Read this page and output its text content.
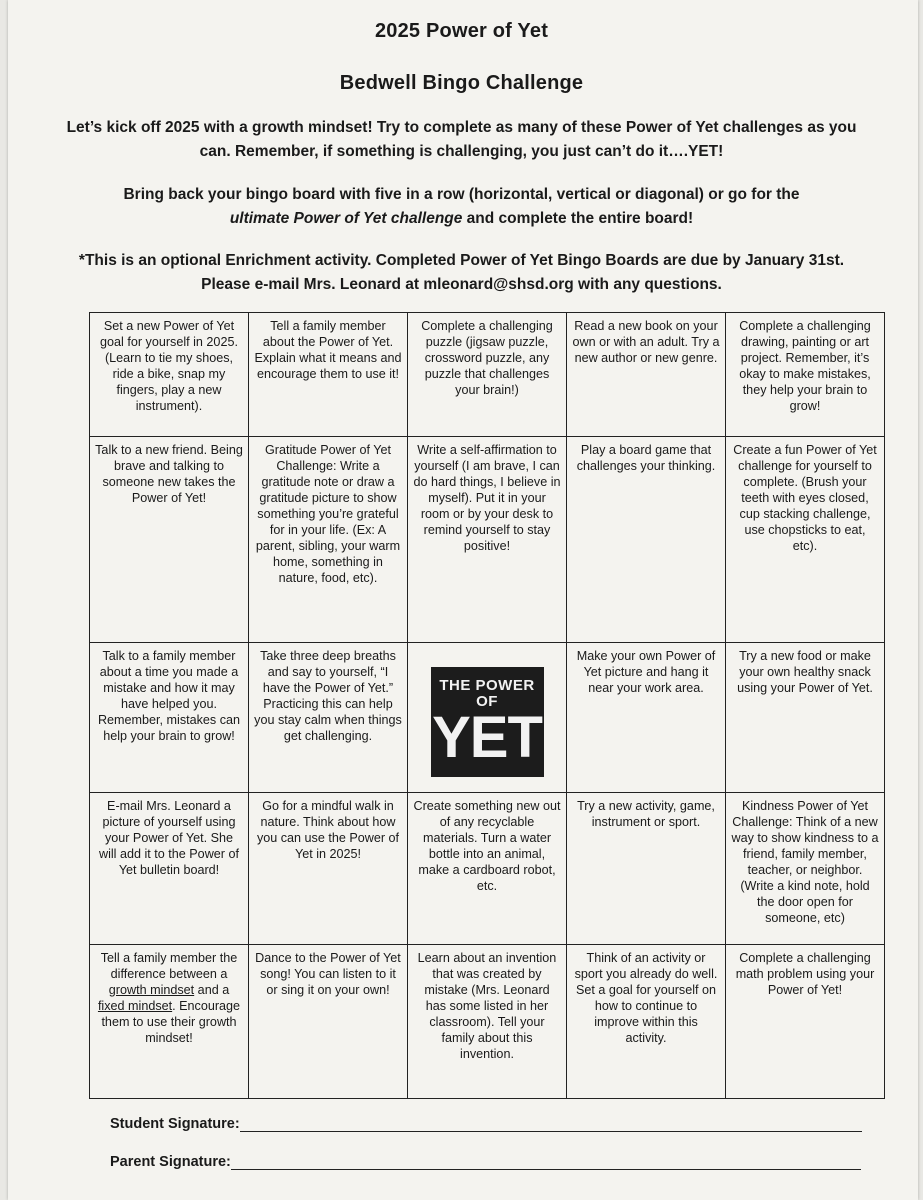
2025 Power of Yet
Bedwell Bingo Challenge
Let’s kick off 2025 with a growth mindset! Try to complete as many of these Power of Yet challenges as you
can. Remember, if something is challenging, you just can’t do it….YET!
Bring back your bingo board with five in a row (horizontal, vertical or diagonal) or go for the
ultimate Power of Yet challenge and complete the entire board!
*This is an optional Enrichment activity. Completed Power of Yet Bingo Boards are due by January 31st.
Please e-mail Mrs. Leonard at mleonard@shsd.org with any questions.
Set a new Power of Yet goal for yourself in 2025. (Learn to tie my shoes, ride a bike, snap my fingers, play a new instrument).	Tell a family member about the Power of Yet. Explain what it means and encourage them to use it!	Complete a challenging puzzle (jigsaw puzzle, crossword puzzle, any puzzle that challenges your brain!)	Read a new book on your own or with an adult. Try a new author or new genre.	Complete a challenging drawing, painting or art project. Remember, it’s okay to make mistakes, they help your brain to grow!
Talk to a new friend. Being brave and talking to someone new takes the Power of Yet!	Gratitude Power of Yet Challenge: Write a gratitude note or draw a gratitude picture to show something you’re grateful for in your life. (Ex: A parent, sibling, your warm home, something in nature, food, etc).	Write a self-affirmation to yourself (I am brave, I can do hard things, I believe in myself). Put it in your room or by your desk to remind yourself to stay positive!	Play a board game that challenges your thinking.	Create a fun Power of Yet challenge for yourself to complete. (Brush your teeth with eyes closed, cup stacking challenge, use chopsticks to eat, etc).
Talk to a family member about a time you made a mistake and how it may have helped you. Remember, mistakes can help your brain to grow!	Take three deep breaths and say to yourself, “I have the Power of Yet.” Practicing this can help you stay calm when things get challenging.	THE POWER OF
YET	Make your own Power of Yet picture and hang it near your work area.	Try a new food or make your own healthy snack using your Power of Yet.
E-mail Mrs. Leonard a picture of yourself using your Power of Yet. She will add it to the Power of Yet bulletin board!	Go for a mindful walk in nature. Think about how you can use the Power of Yet in 2025!	Create something new out of any recyclable materials. Turn a water bottle into an animal, make a cardboard robot, etc.	Try a new activity, game, instrument or sport.	Kindness Power of Yet Challenge: Think of a new way to show kindness to a friend, family member, teacher, or neighbor. (Write a kind note, hold the door open for someone, etc)
Tell a family member the difference between a growth mindset and a fixed mindset. Encourage them to use their growth mindset!	Dance to the Power of Yet song! You can listen to it or sing it on your own!	Learn about an invention that was created by mistake (Mrs. Leonard has some listed in her classroom). Tell your family about this invention.	Think of an activity or sport you already do well. Set a goal for yourself on how to continue to improve within this activity.	Complete a challenging math problem using your Power of Yet!
Student Signature:
Parent Signature:
